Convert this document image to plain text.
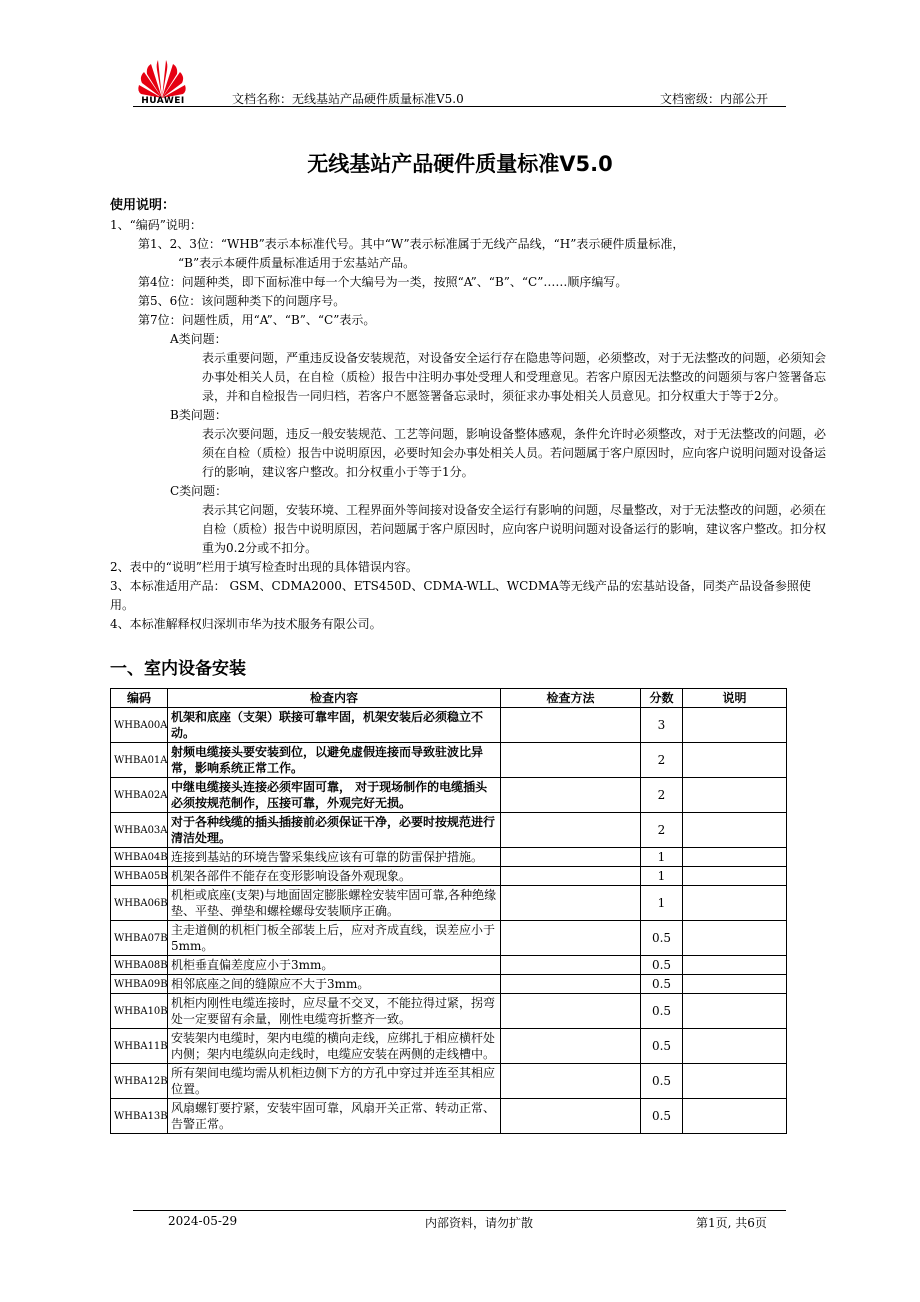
HUAWEI	文档名称：无线基站产品硬件质量标准V5.0	文档密级：内部公开
无线基站产品硬件质量标准V5.0
使用说明：

1、“编码”说明：

第1、2、3位：“WHB”表示本标准代号。其中“W”表示标准属于无线产品线，“H”表示硬件质量标准，

“B”表示本硬件质量标准适用于宏基站产品。

第4位：问题种类，即下面标准中每一个大编号为一类，按照“A”、“B”、“C”……顺序编写。

第5、6位：该问题种类下的问题序号。

第7位：问题性质，用“A”、“B”、“C”表示。

A类问题：

表示重要问题，严重违反设备安装规范，对设备安全运行存在隐患等问题，必须整改，对于无法整改的问题，必须知会办事处相关人员，在自检（质检）报告中注明办事处受理人和受理意见。若客户原因无法整改的问题须与客户签署备忘录，并和自检报告一同归档，若客户不愿签署备忘录时，须征求办事处相关人员意见。扣分权重大于等于2分。

B类问题：

表示次要问题，违反一般安装规范、工艺等问题，影响设备整体感观，条件允许时必须整改，对于无法整改的问题，必须在自检（质检）报告中说明原因，必要时知会办事处相关人员。若问题属于客户原因时，应向客户说明问题对设备运行的影响，建议客户整改。扣分权重小于等于1分。

C类问题：

表示其它问题，安装环境、工程界面外等间接对设备安全运行有影响的问题，尽量整改，对于无法整改的问题，必须在自检（质检）报告中说明原因，若问题属于客户原因时，应向客户说明问题对设备运行的影响，建议客户整改。扣分权重为0.2分或不扣分。

2、表中的“说明”栏用于填写检查时出现的具体错误内容。

3、本标准适用产品： GSM、CDMA2000、ETS450D、CDMA-WLL、WCDMA等无线产品的宏基站设备，同类产品设备参照使用。

4、本标准解释权归深圳市华为技术服务有限公司。

一、室内设备安装
编码	检查内容	检查方法	分数	说明
WHBA00A	机架和底座（支架）联接可靠牢固，机架安装后必须稳立不动。		3	
WHBA01A	射频电缆接头要安装到位，以避免虚假连接而导致驻波比异常，影响系统正常工作。		2	
WHBA02A	中继电缆接头连接必须牢固可靠， 对于现场制作的电缆插头必须按规范制作，压接可靠，外观完好无损。		2	
WHBA03A	对于各种线缆的插头插接前必须保证干净，必要时按规范进行清洁处理。		2	
WHBA04B	连接到基站的环境告警采集线应该有可靠的防雷保护措施。		1	
WHBA05B	机架各部件不能存在变形影响设备外观现象。		1	
WHBA06B	机柜或底座(支架)与地面固定膨胀螺栓安装牢固可靠,各种绝缘垫、平垫、弹垫和螺栓螺母安装顺序正确。		1	
WHBA07B	主走道侧的机柜门板全部装上后，应对齐成直线，误差应小于5mm。		0.5	
WHBA08B	机柜垂直偏差度应小于3mm。		0.5	
WHBA09B	相邻底座之间的缝隙应不大于3mm。		0.5	
WHBA10B	机柜内刚性电缆连接时，应尽量不交叉，不能拉得过紧，拐弯处一定要留有余量，刚性电缆弯折整齐一致。		0.5	
WHBA11B	安装架内电缆时，架内电缆的横向走线，应绑扎于相应横杆处内侧；架内电缆纵向走线时，电缆应安装在两侧的走线槽中。		0.5	
WHBA12B	所有架间电缆均需从机柜边侧下方的方孔中穿过并连至其相应位置。		0.5	
WHBA13B	风扇螺钉要拧紧，安装牢固可靠，风扇开关正常、转动正常、告警正常。		0.5	
2024-05-29	内部资料，请勿扩散	第1页, 共6页
